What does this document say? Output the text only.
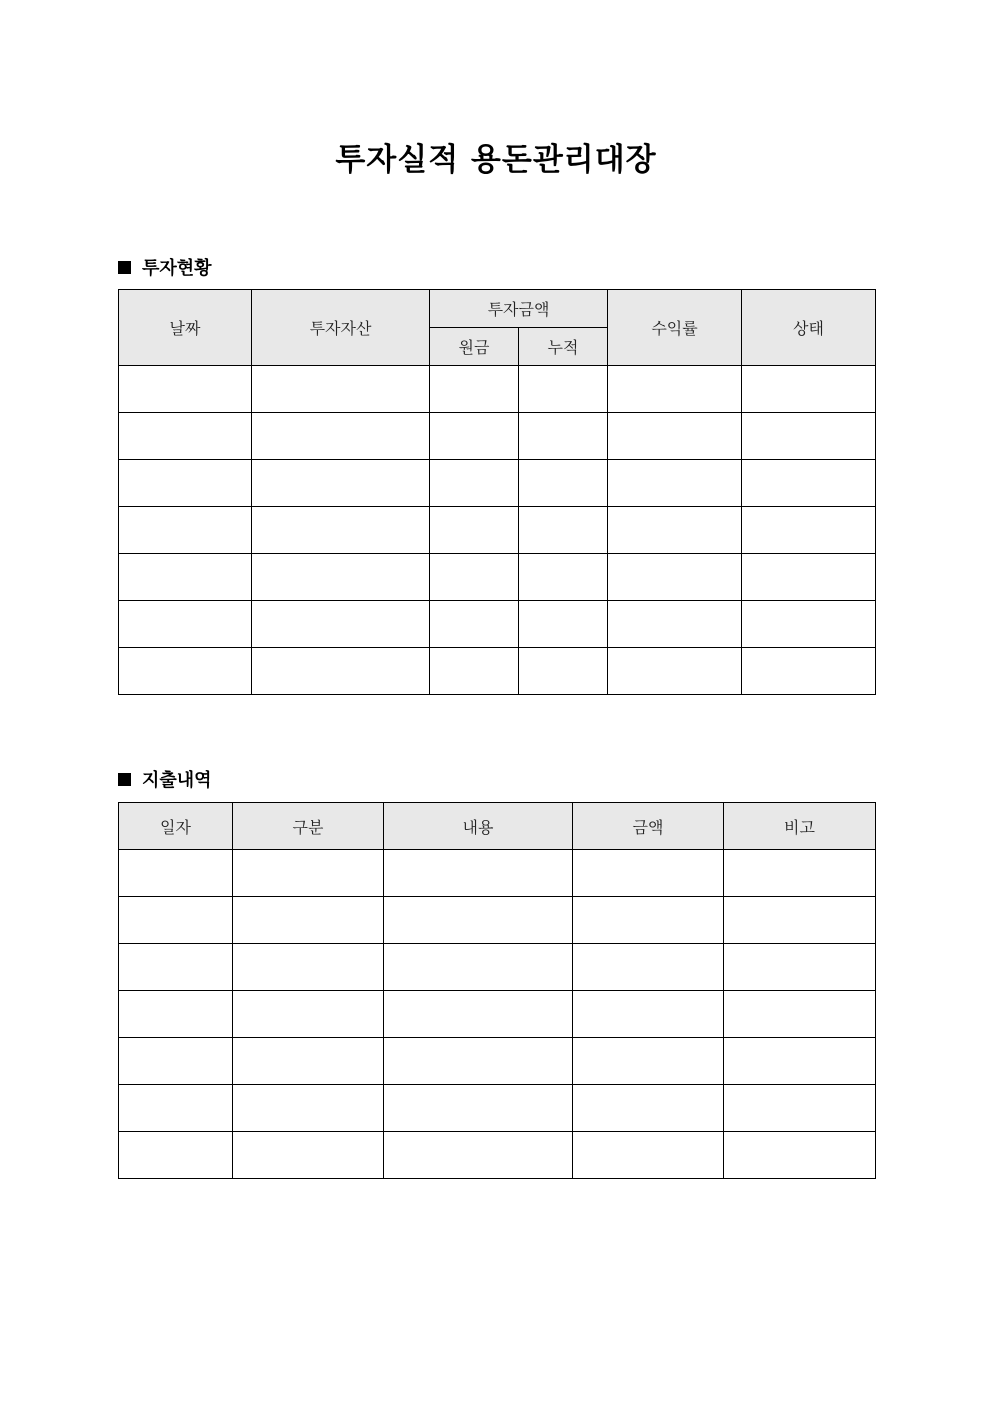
투자실적 용돈관리대장
투자현황
날짜	투자자산	투자금액		수익률	상태
		원금	누적		

지출내역
일자	구분	내용	금액	비고
